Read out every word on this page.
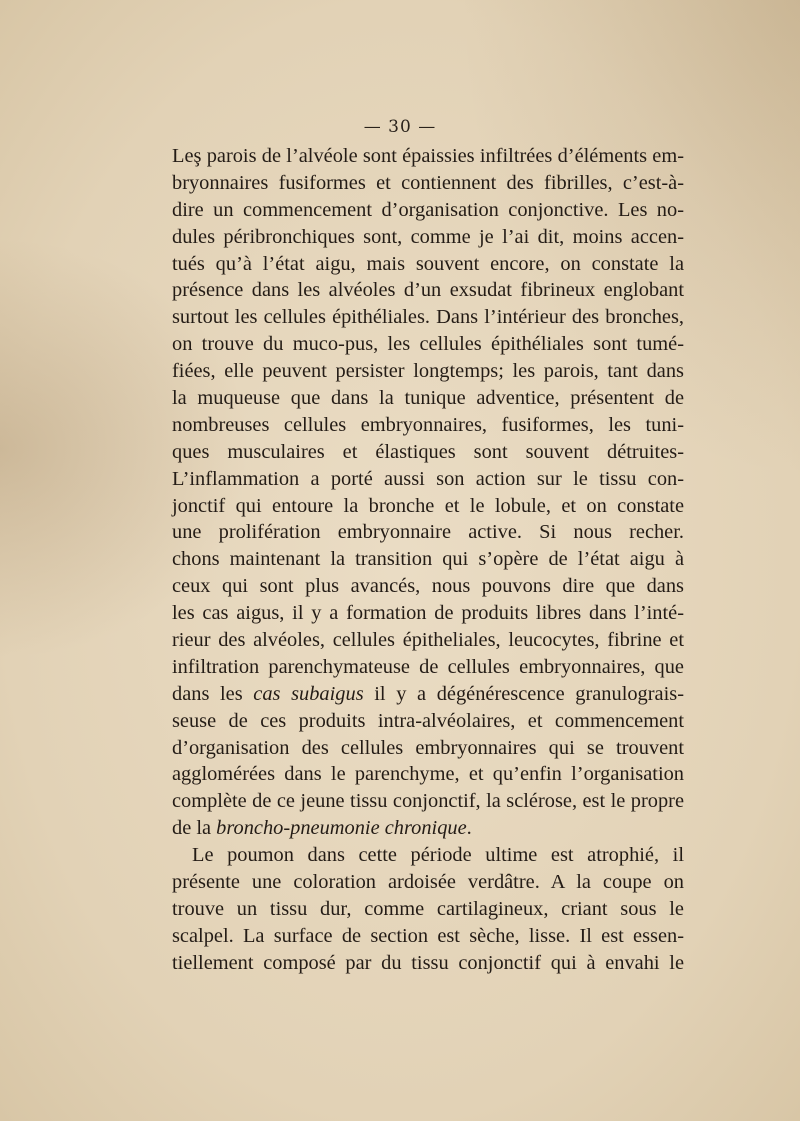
— 30 —
Leş parois de l’alvéole sont épaissies infiltrées d’éléments em-
bryonnaires fusiformes et contiennent des fibrilles, c’est-à-
dire un commencement d’organisation conjonctive. Les no-
dules péribronchiques sont, comme je l’ai dit, moins accen-
tués qu’à l’état aigu, mais souvent encore, on constate la
présence dans les alvéoles d’un exsudat fibrineux englobant
surtout les cellules épithéliales. Dans l’intérieur des bronches,
on trouve du muco-pus, les cellules épithéliales sont tumé-
fiées, elle peuvent persister longtemps; les parois, tant dans
la muqueuse que dans la tunique adventice, présentent de
nombreuses cellules embryonnaires, fusiformes, les tuni-
ques musculaires et élastiques sont souvent détruites-
L’inflammation a porté aussi son action sur le tissu con-
jonctif qui entoure la bronche et le lobule, et on constate
une prolifération embryonnaire active. Si nous recher.
chons maintenant la transition qui s’opère de l’état aigu à
ceux qui sont plus avancés, nous pouvons dire que dans
les cas aigus, il y a formation de produits libres dans l’inté-
rieur des alvéoles, cellules épitheliales, leucocytes, fibrine et
infiltration parenchymateuse de cellules embryonnaires, que
dans les cas subaigus il y a dégénérescence granulograis-
seuse de ces produits intra-alvéolaires, et commencement
d’organisation des cellules embryonnaires qui se trouvent
agglomérées dans le parenchyme, et qu’enfin l’organisation
complète de ce jeune tissu conjonctif, la sclérose, est le propre
de la broncho-pneumonie chronique.
Le poumon dans cette période ultime est atrophié, il
présente une coloration ardoisée verdâtre. A la coupe on
trouve un tissu dur, comme cartilagineux, criant sous le
scalpel. La surface de section est sèche, lisse. Il est essen-
tiellement composé par du tissu conjonctif qui à envahi le
